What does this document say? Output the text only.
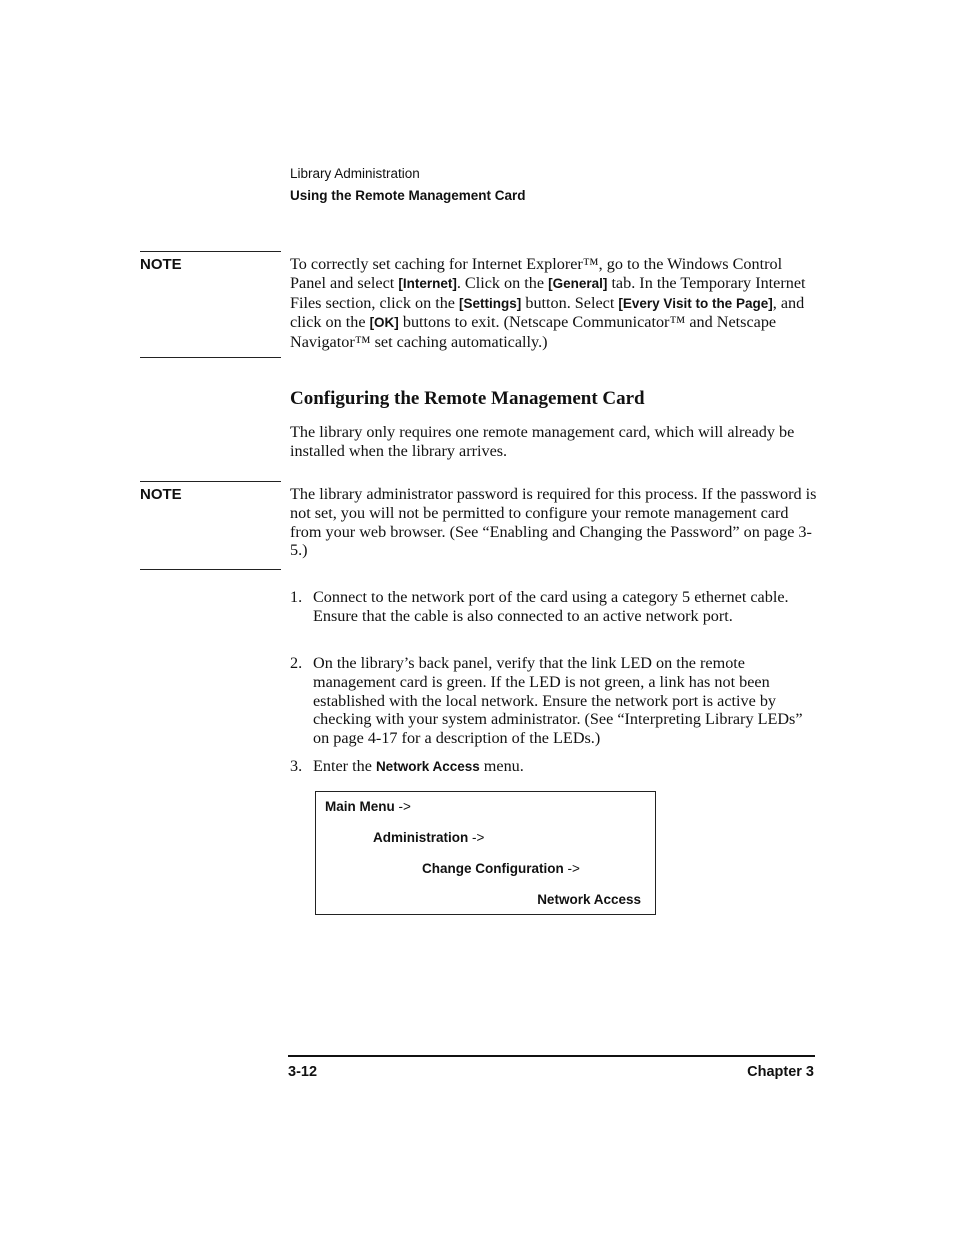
Library Administration
Using the Remote Management Card
NOTE	To correctly set caching for Internet Explorer™, go to the Windows Control Panel and select [Internet]. Click on the [General] tab. In the Temporary Internet Files section, click on the [Settings] button. Select [Every Visit to the Page], and click on the [OK] buttons to exit. (Netscape Communicator™ and Netscape Navigator™ set caching automatically.)
Configuring the Remote Management Card
The library only requires one remote management card, which will already be installed when the library arrives.
NOTE	The library administrator password is required for this process. If the password is not set, you will not be permitted to configure your remote management card from your web browser. (See “Enabling and Changing the Password” on page 3-5.)
1. Connect to the network port of the card using a category 5 ethernet cable. Ensure that the cable is also connected to an active network port.
2. On the library’s back panel, verify that the link LED on the remote management card is green. If the LED is not green, a link has not been established with the local network. Ensure the network port is active by checking with your system administrator. (See “Interpreting Library LEDs” on page 4-17 for a description of the LEDs.)
3. Enter the Network Access menu.
Main Menu ->
Administration ->
Change Configuration ->
Network Access
3-12	Chapter 3
